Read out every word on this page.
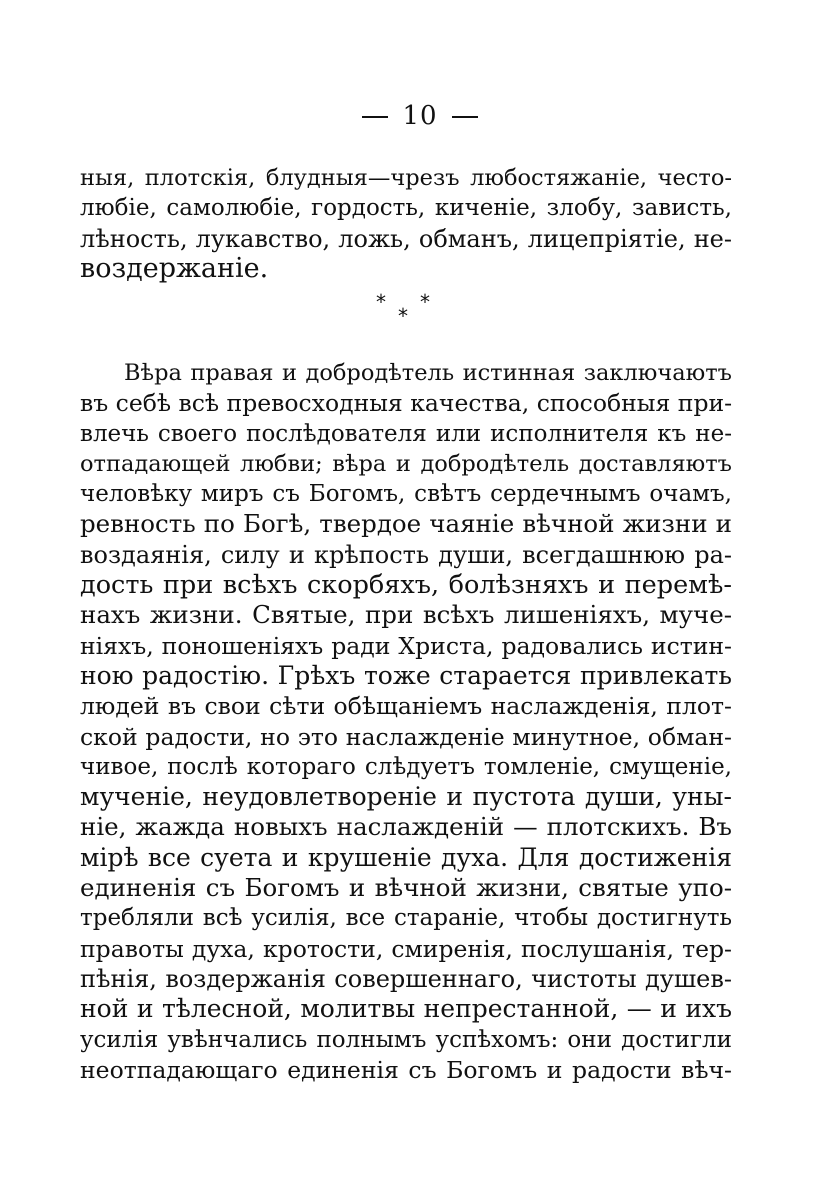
10
ныя, плотскія, блудныя—чрезъ любостяжаніе, често-
любіе, самолюбіе, гордость, киченіе, злобу, зависть,
лѣность, лукавство, ложь, обманъ, лицепріятіе, не-
воздержаніе.
* *
*
Вѣра правая и добродѣтель истинная заключаютъ
въ себѣ всѣ превосходныя качества, способныя при-
влечь своего послѣдователя или исполнителя къ не-
отпадающей любви; вѣра и добродѣтель доставляютъ
человѣку миръ съ Богомъ, свѣтъ сердечнымъ очамъ,
ревность по Богѣ, твердое чаяніе вѣчной жизни и
воздаянія, силу и крѣпость души, всегдашнюю ра-
дость при всѣхъ скорбяхъ, болѣзняхъ и перемѣ-
нахъ жизни. Святые, при всѣхъ лишеніяхъ, муче-
ніяхъ, поношеніяхъ ради Христа, радовались истин-
ною радостію. Грѣхъ тоже старается привлекать
людей въ свои сѣти обѣщаніемъ наслажденія, плот-
ской радости, но это наслажденіе минутное, обман-
чивое, послѣ котораго слѣдуетъ томленіе, смущеніе,
мученіе, неудовлетвореніе и пустота души, уны-
ніе, жажда новыхъ наслажденій — плотскихъ. Въ
мірѣ все суета и крушеніе духа. Для достиженія
единенія съ Богомъ и вѣчной жизни, святые упо-
требляли всѣ усилія, все стараніе, чтобы достигнуть
правоты духа, кротости, смиренія, послушанія, тер-
пѣнія, воздержанія совершеннаго, чистоты душев-
ной и тѣлесной, молитвы непрестанной, — и ихъ
усилія увѣнчались полнымъ успѣхомъ: они достигли
неотпадающаго единенія съ Богомъ и радости вѣч-
